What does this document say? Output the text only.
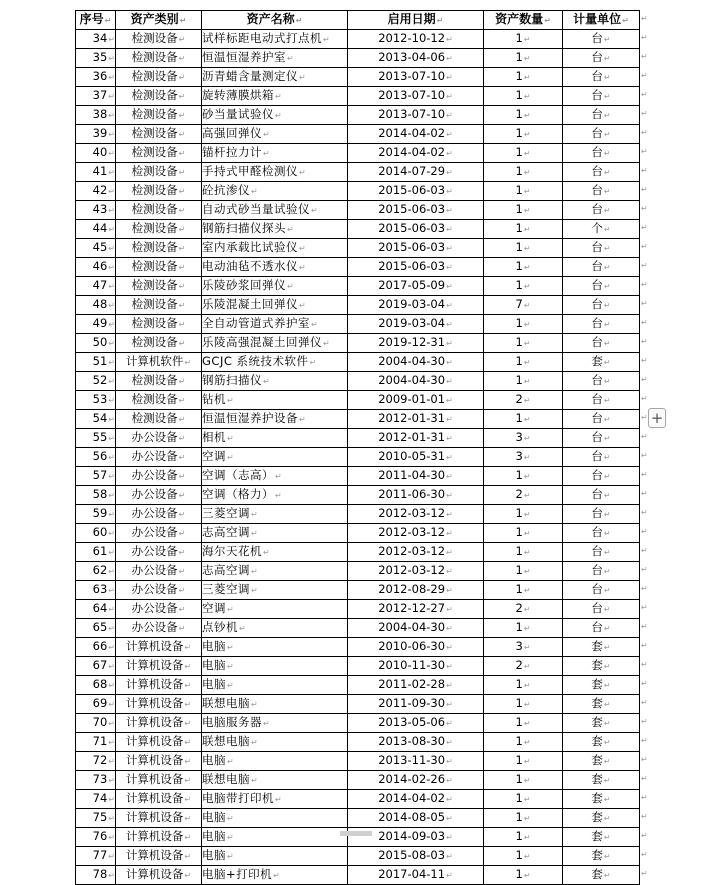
序号↵	资产类别↵	资产名称↵	启用日期↵	资产数量↵	计量单位↵
34↵	检测设备↵	试样标距电动式打点机↵	2012-10-12↵	1↵	台↵
35↵	检测设备↵	恒温恒湿养护室↵	2013-04-06↵	1↵	台↵
36↵	检测设备↵	沥青蜡含量测定仪↵	2013-07-10↵	1↵	台↵
37↵	检测设备↵	旋转薄膜烘箱↵	2013-07-10↵	1↵	台↵
38↵	检测设备↵	砂当量试验仪↵	2013-07-10↵	1↵	台↵
39↵	检测设备↵	高强回弹仪↵	2014-04-02↵	1↵	台↵
40↵	检测设备↵	锚杆拉力计↵	2014-04-02↵	1↵	台↵
41↵	检测设备↵	手持式甲醛检测仪↵	2014-07-29↵	1↵	台↵
42↵	检测设备↵	砼抗渗仪↵	2015-06-03↵	1↵	台↵
43↵	检测设备↵	自动式砂当量试验仪↵	2015-06-03↵	1↵	台↵
44↵	检测设备↵	钢筋扫描仪探头↵	2015-06-03↵	1↵	个↵
45↵	检测设备↵	室内承载比试验仪↵	2015-06-03↵	1↵	台↵
46↵	检测设备↵	电动油毡不透水仪↵	2015-06-03↵	1↵	台↵
47↵	检测设备↵	乐陵砂浆回弹仪↵	2017-05-09↵	1↵	台↵
48↵	检测设备↵	乐陵混凝土回弹仪↵	2019-03-04↵	7↵	台↵
49↵	检测设备↵	全自动管道式养护室↵	2019-03-04↵	1↵	台↵
50↵	检测设备↵	乐陵高强混凝土回弹仪↵	2019-12-31↵	1↵	台↵
51↵	计算机软件↵	GCJC 系统技术软件↵	2004-04-30↵	1↵	套↵
52↵	检测设备↵	钢筋扫描仪↵	2004-04-30↵	1↵	台↵
53↵	检测设备↵	钻机↵	2009-01-01↵	2↵	台↵
54↵	检测设备↵	恒温恒湿养护设备↵	2012-01-31↵	1↵	台↵
55↵	办公设备↵	相机↵	2012-01-31↵	3↵	台↵
56↵	办公设备↵	空调↵	2010-05-31↵	3↵	台↵
57↵	办公设备↵	空调（志高）↵	2011-04-30↵	1↵	台↵
58↵	办公设备↵	空调（格力）↵	2011-06-30↵	2↵	台↵
59↵	办公设备↵	三菱空调↵	2012-03-12↵	1↵	台↵
60↵	办公设备↵	志高空调↵	2012-03-12↵	1↵	台↵
61↵	办公设备↵	海尔天花机↵	2012-03-12↵	1↵	台↵
62↵	办公设备↵	志高空调↵	2012-03-12↵	1↵	台↵
63↵	办公设备↵	三菱空调↵	2012-08-29↵	1↵	台↵
64↵	办公设备↵	空调↵	2012-12-27↵	2↵	台↵
65↵	办公设备↵	点钞机↵	2004-04-30↵	1↵	台↵
66↵	计算机设备↵	电脑↵	2010-06-30↵	3↵	套↵
67↵	计算机设备↵	电脑↵	2010-11-30↵	2↵	套↵
68↵	计算机设备↵	电脑↵	2011-02-28↵	1↵	套↵
69↵	计算机设备↵	联想电脑↵	2011-09-30↵	1↵	套↵
70↵	计算机设备↵	电脑服务器↵	2013-05-06↵	1↵	套↵
71↵	计算机设备↵	联想电脑↵	2013-08-30↵	1↵	套↵
72↵	计算机设备↵	电脑↵	2013-11-30↵	1↵	套↵
73↵	计算机设备↵	联想电脑↵	2014-02-26↵	1↵	套↵
74↵	计算机设备↵	电脑带打印机↵	2014-04-02↵	1↵	套↵
75↵	计算机设备↵	电脑↵	2014-08-05↵	1↵	套↵
76↵	计算机设备↵	电脑↵	2014-09-03↵	1↵	套↵
77↵	计算机设备↵	电脑↵	2015-08-03↵	1↵	套↵
78↵	计算机设备↵	电脑+打印机↵	2017-04-11↵	1↵	套↵
↵
↵
↵
↵
↵
↵
↵
↵
↵
↵
↵
↵
↵
↵
↵
↵
↵
↵
↵
↵
↵
↵
↵
↵
↵
↵
↵
↵
↵
↵
↵
↵
↵
↵
↵
↵
↵
↵
↵
↵
↵
↵
↵
↵
↵
↵
+
